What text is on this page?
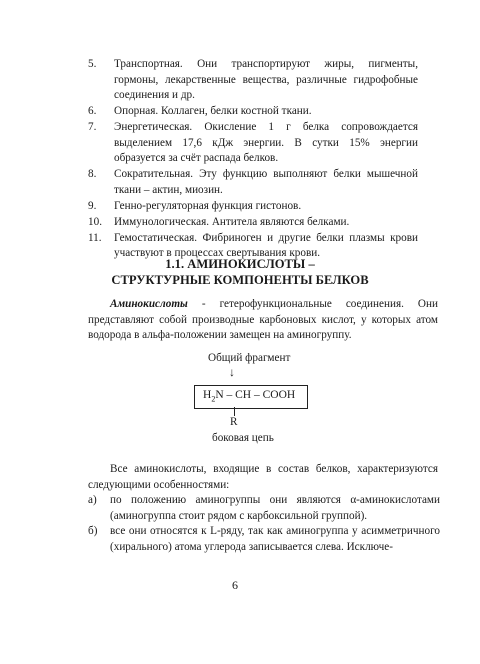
5. Транспортная. Они транспортируют жиры, пигменты, гормоны, лекарственные вещества, различные гидрофобные соединения и др.
6. Опорная. Коллаген, белки костной ткани.
7. Энергетическая. Окисление 1 г белка сопровождается выделением 17,6 кДж энергии. В сутки 15% энергии образуется за счёт распада белков.
8. Сократительная. Эту функцию выполняют белки мышечной ткани – актин, миозин.
9. Генно-регуляторная функция гистонов.
10. Иммунологическая. Антитела являются белками.
11. Гемостатическая. Фибриноген и другие белки плазмы крови участвуют в процессах свертывания крови.
1.1. АМИНОКИСЛОТЫ –
СТРУКТУРНЫЕ КОМПОНЕНТЫ БЕЛКОВ
Аминокислоты - гетерофункциональные соединения. Они представляют собой производные карбоновых кислот, у которых атом водорода в альфа-положении замещен на аминогруппу.
Общий фрагмент
↓
$H_2N$ – CH – COOH
R
боковая цепь
Все аминокислоты, входящие в состав белков, характеризуются следующими особенностями:
а)	по положению аминогруппы они являются α-аминокислотами (аминогруппа стоит рядом с карбоксильной группой).
б)	все они относятся к L-ряду, так как аминогруппа у асимметричного (хирального) атома углерода записывается слева. Исключе-
6
